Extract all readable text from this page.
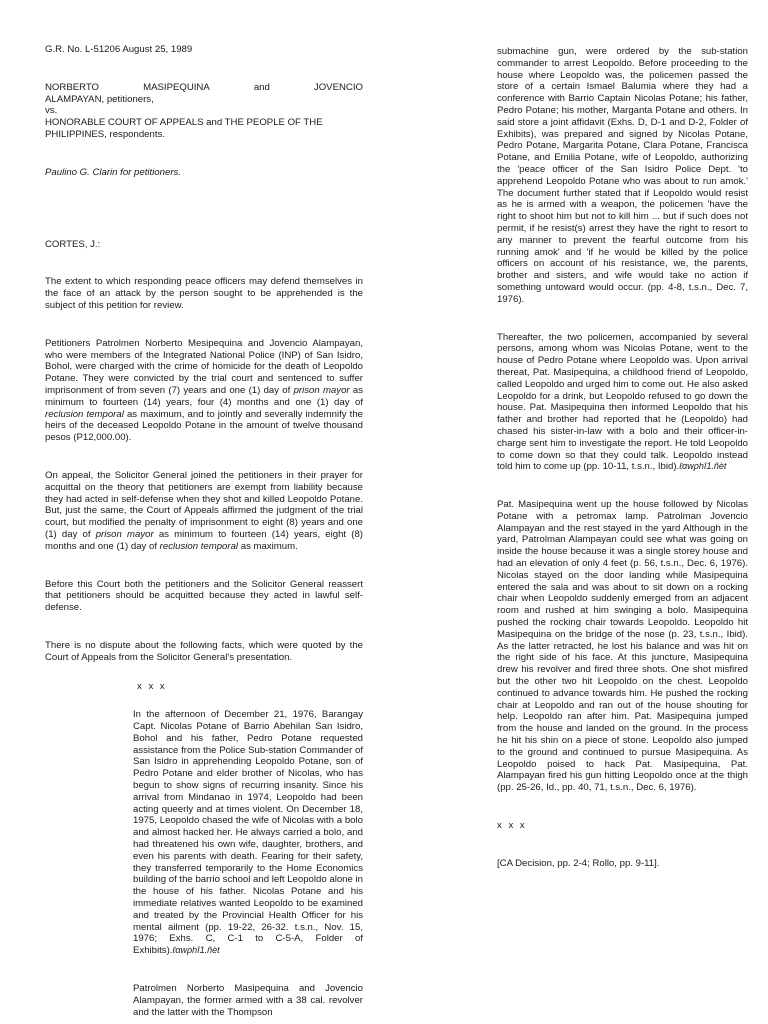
G.R. No. L-51206 August 25, 1989

NORBERTO	MASIPEQUINA	and	JOVENCIO

ALAMPAYAN, petitioners,

vs.

HONORABLE COURT OF APPEALS and THE PEOPLE OF THE

PHILIPPINES, respondents.

Paulino G. Clarin for petitioners.

CORTES, J.:

The extent to which responding peace officers may defend themselves in the face of an attack by the person sought to be apprehended is the subject of this petition for review.

Petitioners Patrolmen Norberto Mesipequina and Jovencio Alampayan, who were members of the Integrated National Police (INP) of San Isidro, Bohol, were charged with the crime of homicide for the death of Leopoldo Potane. They were convicted by the trial court and sentenced to suffer imprisonment of from seven (7) years and one (1) day of prison mayor as minimum to fourteen (14) years, four (4) months and one (1) day of reclusion temporal as maximum, and to jointly and severally indemnify the heirs of the deceased Leopoldo Potane in the amount of twelve thousand pesos (P12,000.00).

On appeal, the Solicitor General joined the petitioners in their prayer for acquittal on the theory that petitioners are exempt from liability because they had acted in self-defense when they shot and killed Leopoldo Potane. But, just the same, the Court of Appeals affirmed the judgment of the trial court, but modified the penalty of imprisonment to eight (8) years and one (1) day of prison mayor as minimum to fourteen (14) years, eight (8) months and one (1) day of reclusion temporal as maximum.

Before this Court both the petitioners and the Solicitor General reassert that petitioners should be acquitted because they acted in lawful self-defense.

There is no dispute about the following facts, which were quoted by the Court of Appeals from the Solicitor General's presentation.

x x x

In the afternoon of December 21, 1976, Barangay Capt. Nicolas Potane of Barrio Abehilan San Isidro, Bohol and his father, Pedro Potane requested assistance from the Police Sub-station Commander of San Isidro in apprehending Leopoldo Potane, son of Pedro Potane and elder brother of Nicolas, who has begun to show signs of recurring insanity. Since his arrival from Mindanao in 1974, Leopoldo had been acting queerly and at times violent. On December 18, 1975, Leopoldo chased the wife of Nicolas with a bolo and almost hacked her. He always carried a bolo, and had threatened his own wife, daughter, brothers, and even his parents with death. Fearing for their safety, they transferred temporarily to the Home Economics building of the barrio school and left Leopoldo alone in the house of his father. Nicolas Potane and his immediate relatives wanted Leopoldo to be examined and treated by the Provincial Health Officer for his mental ailment (pp. 19-22, 26-32. t.s.n., Nov. 15, 1976; Exhs. C, C-1 to C-5-A, Folder of Exhibits).ℓαwρhî1.ñèt

Patrolmen Norberto Masipequina and Jovencio Alampayan, the former armed with a 38 cal. revolver and the latter with the Thompson

submachine gun, were ordered by the sub-station commander to arrest Leopoldo. Before proceeding to the house where Leopoldo was, the policemen passed the store of a certain Ismael Balumia where they had a conference with Barrio Captain Nicolas Potane; his father, Pedro Potane; his mother, Marganta Potane and others. In said store a joint affidavit (Exhs. D, D-1 and D-2, Folder of Exhibits), was prepared and signed by Nicolas Potane, Pedro Potane, Margarita Potane, Clara Potane, Francisca Potane, and Emilia Potane, wife of Leopoldo, authorizing the 'peace officer of the San Isidro Police Dept. 'to apprehend Leopoldo Potane who was about to run amok.' The document further stated that if Leopoldo would resist as he is armed with a weapon, the policemen 'have the right to shoot him but not to kill him ... but if such does not permit, if he resist(s) arrest they have the right to resort to any manner to prevent the fearful outcome from his running amok' and 'if he would be killed by the police officers on account of his resistance, we, the parents, brother and sisters, and wife would take no action if something untoward would occur. (pp. 4-8, t.s.n., Dec. 7, 1976).

Thereafter, the two policemen, accompanied by several persons, among whom was Nicolas Potane, went to the house of Pedro Potane where Leopoldo was. Upon arrival thereat, Pat. Masipequina, a childhood friend of Leopoldo, called Leopoldo and urged him to come out. He also asked Leopoldo for a drink, but Leopoldo refused to go down the house. Pat. Masipequina then informed Leopoldo that his father and brother had reported that he (Leopoldo) had chased his sister-in-law with a bolo and their officer-in-charge sent him to investigate the report. He told Leopoldo to come down so that they could talk. Leopoldo instead told him to come up (pp. 10-11, t.s.n., Ibid).ℓαwρhî1.ñèt

Pat. Masipequina went up the house followed by Nicolas Potane with a petromax lamp. Patrolman Jovencio Alampayan and the rest stayed in the yard Although in the yard, Patrolman Alampayan could see what was going on inside the house because it was a single storey house and had an elevation of only 4 feet (p. 56, t.s.n., Dec. 6, 1976). Nicolas stayed on the door landing while Masipequina entered the sala and was about to sit down on a rocking chair when Leopoldo suddenly emerged from an adjacent room and rushed at him swinging a bolo. Masipequina pushed the rocking chair towards Leopoldo. Leopoldo hit Masipequina on the bridge of the nose (p. 23, t.s.n., Ibid). As the latter retracted, he lost his balance and was hit on the right side of his face. At this juncture, Masipequina drew his revolver and fired three shots. One shot misfired but the other two hit Leopoldo on the chest. Leopoldo continued to advance towards him. He pushed the rocking chair at Leopoldo and ran out of the house shouting for help. Leopoldo ran after him. Pat. Masipequina jumped from the house and landed on the ground. In the process he hit his shin on a piece of stone. Leopoldo also jumped to the ground and continued to pursue Masipequina. As Leopoldo poised to hack Pat. Masipequina, Pat. Alampayan fired his gun hitting Leopoldo once at the thigh (pp. 25-26, Id., pp. 40, 71, t.s.n., Dec. 6, 1976).

x x x

[CA Decision, pp. 2-4; Rollo, pp. 9-11].
